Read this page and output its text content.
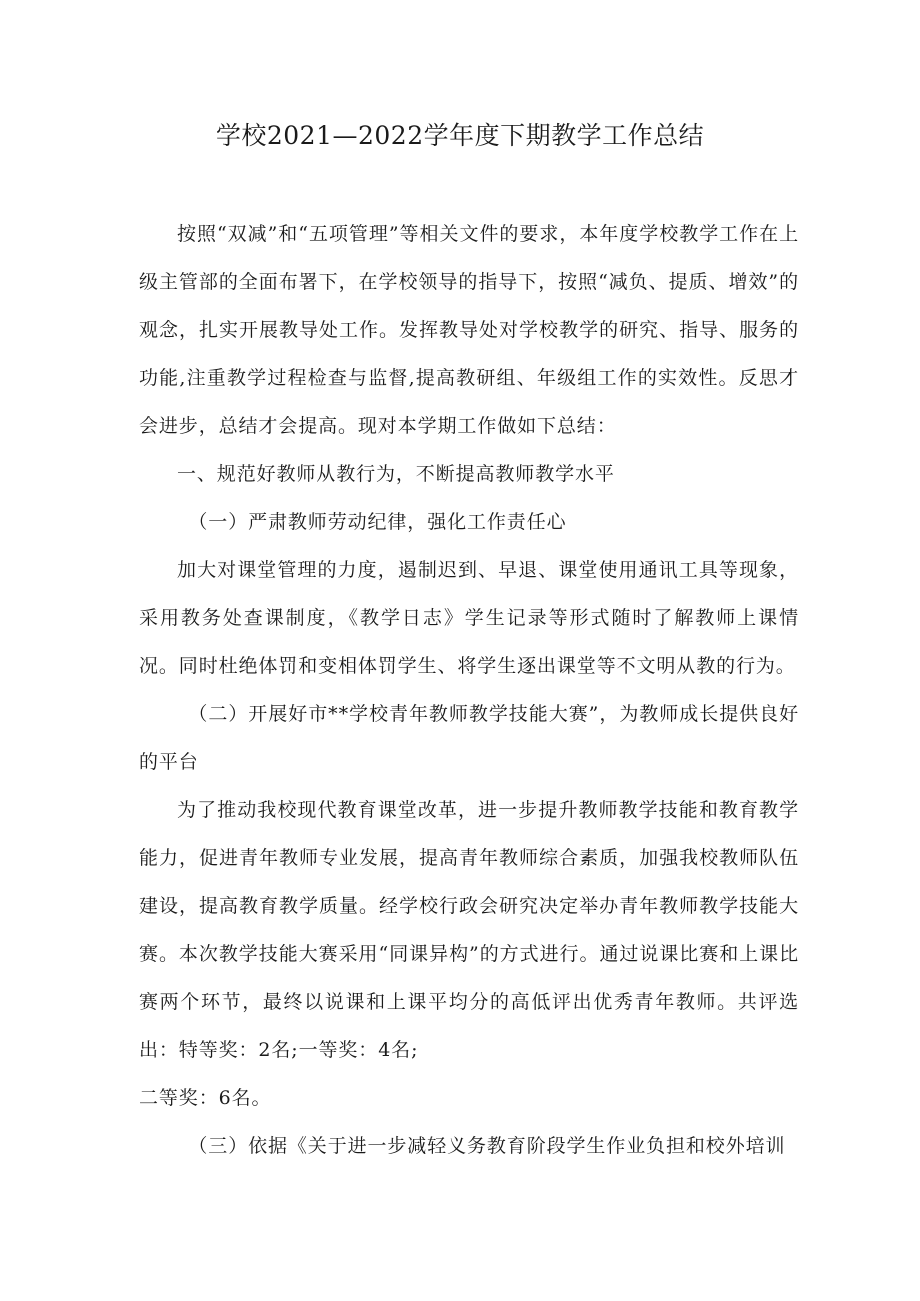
学校2021—2022学年度下期教学工作总结

按照“双减”和“五项管理”等相关文件的要求，本年度学校教学工作在上级主管部的全面布署下，在学校领导的指导下，按照“减负、提质、增效”的观念，扎实开展教导处工作。发挥教导处对学校教学的研究、指导、服务的功能,注重教学过程检查与监督,提高教研组、年级组工作的实效性。反思才会进步，总结才会提高。现对本学期工作做如下总结：

一、规范好教师从教行为，不断提高教师教学水平

（一）严肃教师劳动纪律，强化工作责任心

加大对课堂管理的力度，遏制迟到、早退、课堂使用通讯工具等现象，采用教务处查课制度，《教学日志》学生记录等形式随时了解教师上课情况。同时杜绝体罚和变相体罚学生、将学生逐出课堂等不文明从教的行为。

（二）开展好市**学校青年教师教学技能大赛”，为教师成长提供良好的平台

为了推动我校现代教育课堂改革，进一步提升教师教学技能和教育教学能力，促进青年教师专业发展，提高青年教师综合素质，加强我校教师队伍建设，提高教育教学质量。经学校行政会研究决定举办青年教师教学技能大赛。本次教学技能大赛采用“同课异构”的方式进行。通过说课比赛和上课比赛两个环节，最终以说课和上课平均分的高低评出优秀青年教师。共评选出：特等奖：2名;一等奖：4名;

二等奖：6名。

（三）依据《关于进一步减轻义务教育阶段学生作业负担和校外培训
